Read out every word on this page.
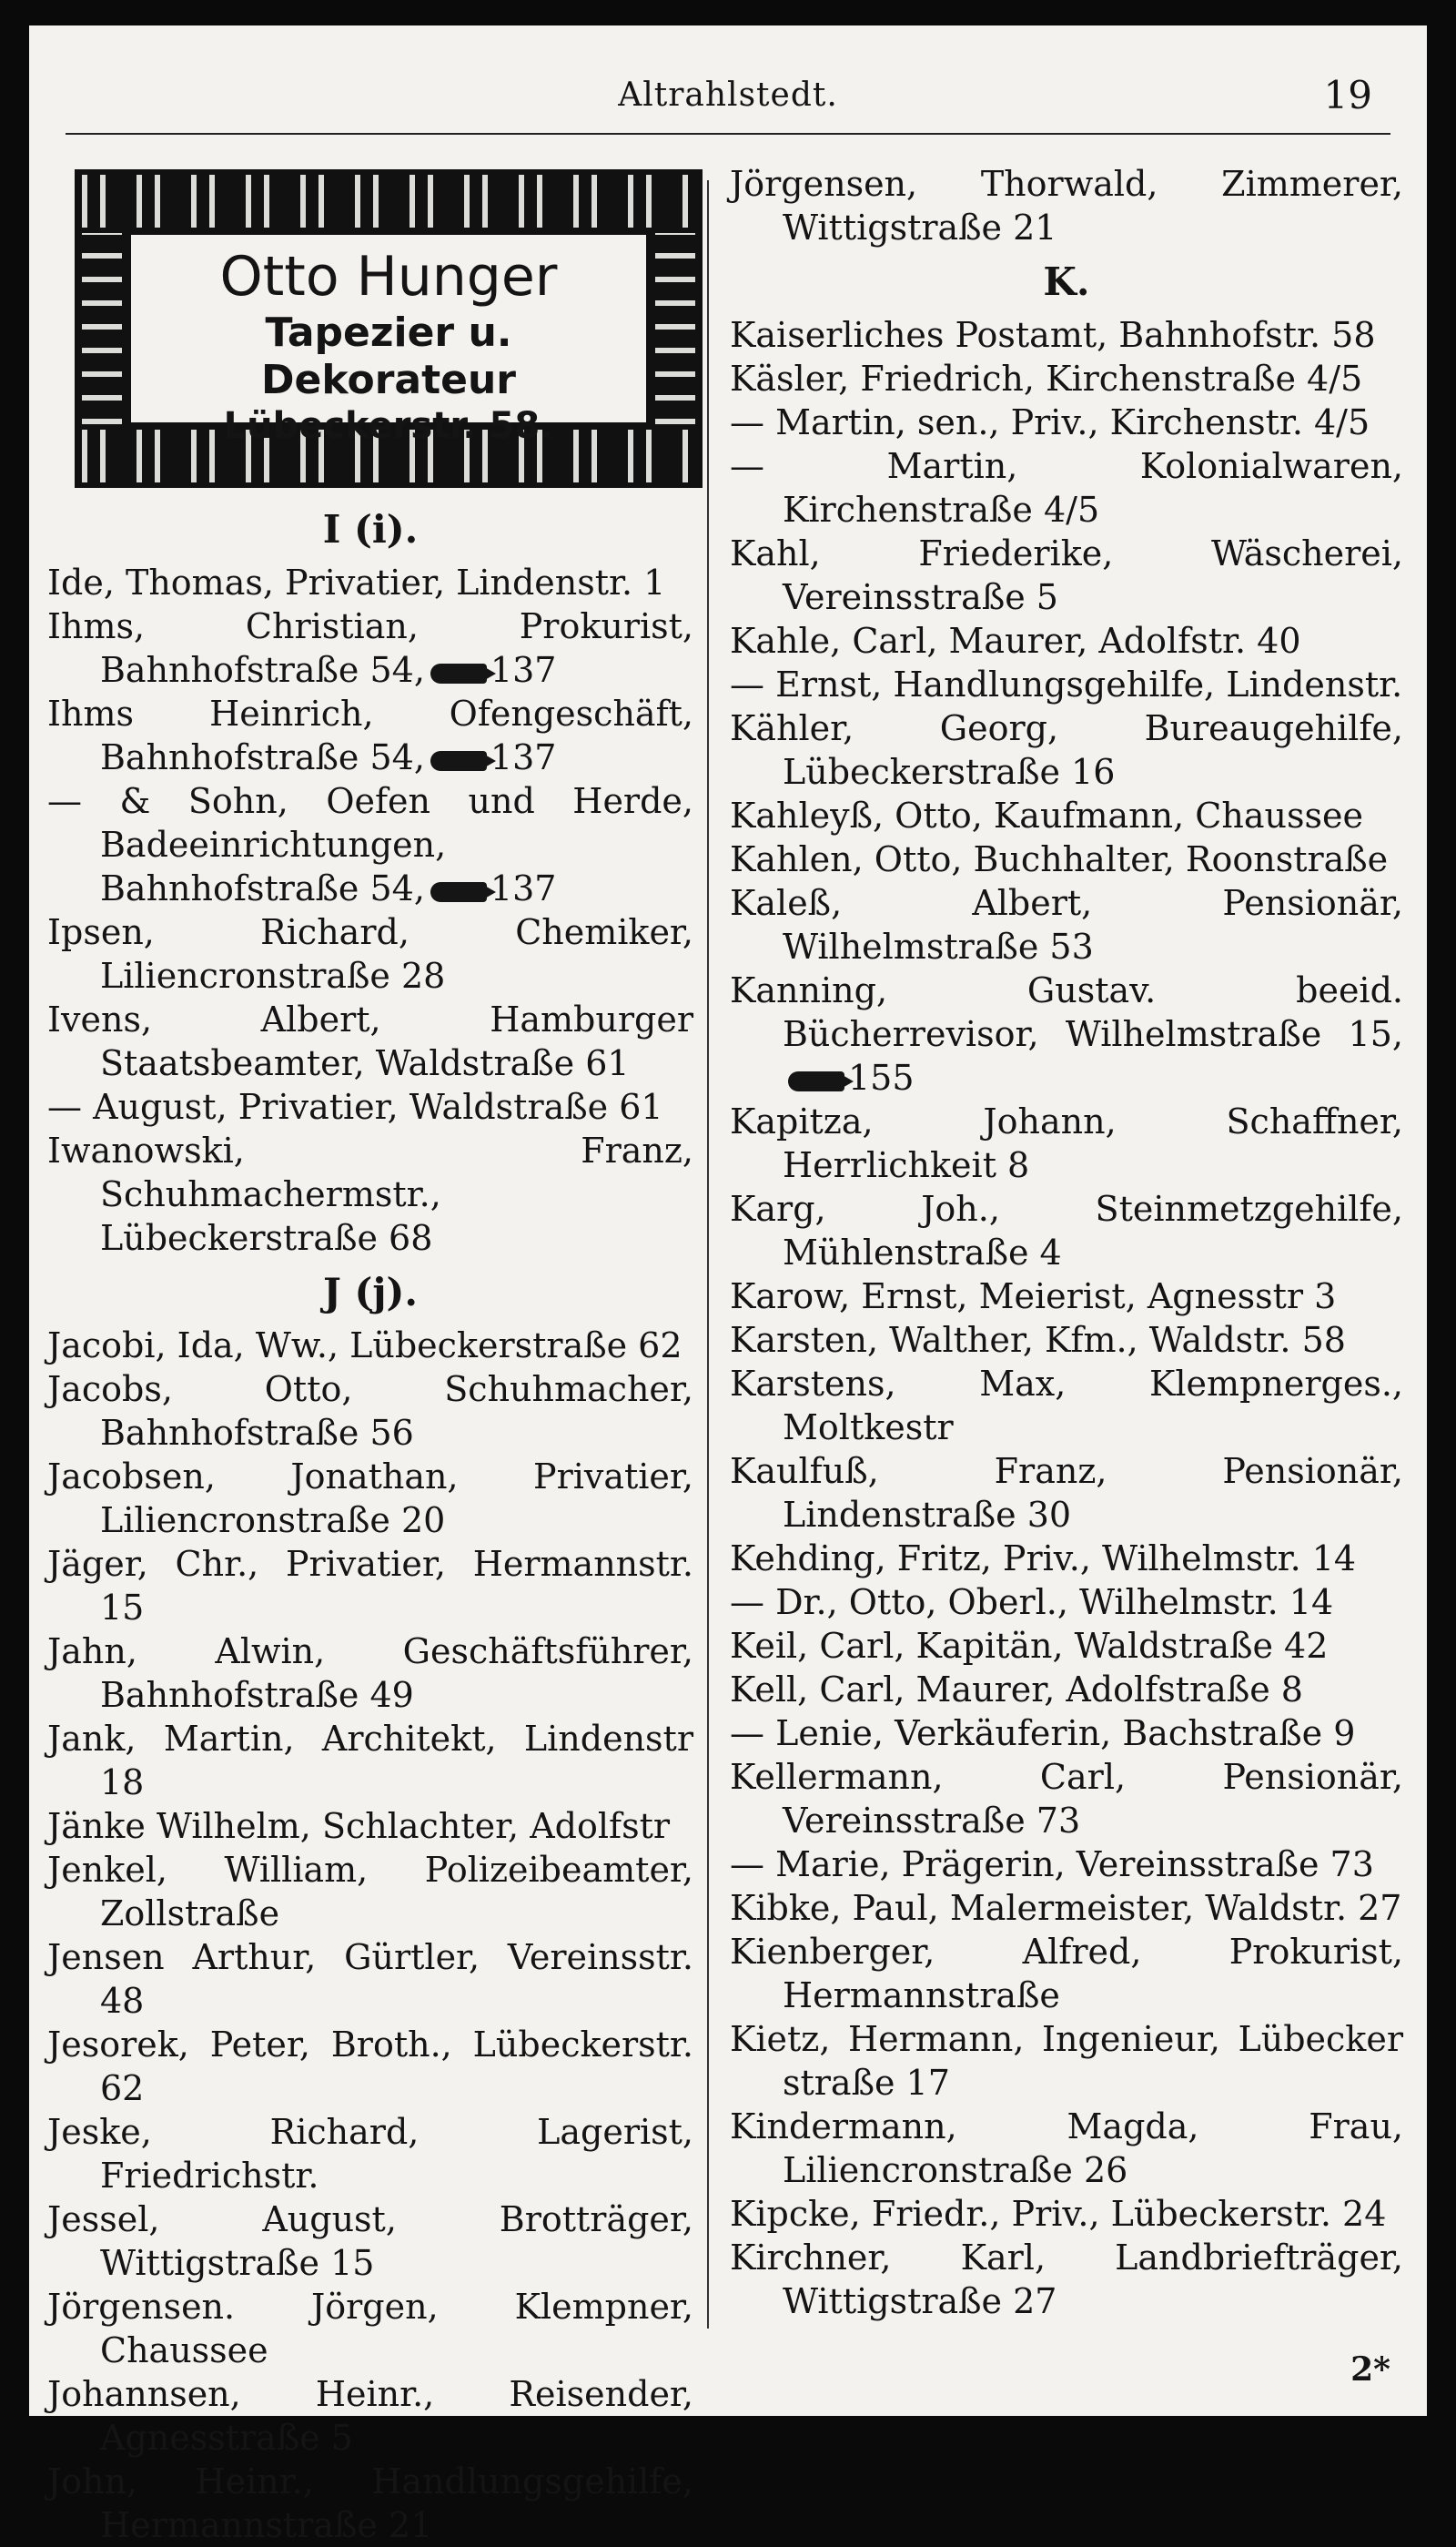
Altrahlstedt.	19
Otto Hunger
Tapezier u. Dekorateur
Lübeckerstr. 58.
I (i).
Ide, Thomas, Privatier, Lindenstr. 1
Ihms, Christian, Prokurist, Bahnhofstraße 54, 137
Ihms Heinrich, Ofengeschäft, Bahnhofstraße 54, 137
— & Sohn, Oefen und Herde, Badeeinrichtungen, Bahnhofstraße 54, 137
Ipsen, Richard, Chemiker, Liliencronstraße 28
Ivens, Albert, Hamburger Staatsbeamter, Waldstraße 61
— August, Privatier, Waldstraße 61
Iwanowski, Franz, Schuhmachermstr., Lübeckerstraße 68
J (j).
Jacobi, Ida, Ww., Lübeckerstraße 62
Jacobs, Otto, Schuhmacher, Bahnhofstraße 56
Jacobsen, Jonathan, Privatier, Liliencronstraße 20
Jäger, Chr., Privatier, Hermannstr. 15
Jahn, Alwin, Geschäftsführer, Bahnhofstraße 49
Jank, Martin, Architekt, Lindenstr 18
Jänke Wilhelm, Schlachter, Adolfstr
Jenkel, William, Polizeibeamter, Zollstraße
Jensen Arthur, Gürtler, Vereinsstr. 48
Jesorek, Peter, Broth., Lübeckerstr. 62
Jeske, Richard, Lagerist, Friedrichstr.
Jessel, August, Brotträger, Wittigstraße 15
Jörgensen. Jörgen, Klempner, Chaussee
Johannsen, Heinr., Reisender, Agnesstraße 5
John, Heinr., Handlungsgehilfe, Hermannstraße 21
Jörgensen, Thorwald, Zimmerer, Wittigstraße 21
K.
Kaiserliches Postamt, Bahnhofstr. 58
Käsler, Friedrich, Kirchenstraße 4/5
— Martin, sen., Priv., Kirchenstr. 4/5
— Martin, Kolonialwaren, Kirchenstraße 4/5
Kahl, Friederike, Wäscherei, Vereinsstraße 5
Kahle, Carl, Maurer, Adolfstr. 40
— Ernst, Handlungsgehilfe, Lindenstr.
Kähler, Georg, Bureaugehilfe, Lübeckerstraße 16
Kahleyß, Otto, Kaufmann, Chaussee
Kahlen, Otto, Buchhalter, Roonstraße
Kaleß, Albert, Pensionär, Wilhelmstraße 53
Kanning, Gustav. beeid. Bücherrevisor, Wilhelmstraße 15,155
Kapitza, Johann, Schaffner, Herrlichkeit 8
Karg, Joh., Steinmetzgehilfe, Mühlenstraße 4
Karow, Ernst, Meierist, Agnesstr 3
Karsten, Walther, Kfm., Waldstr. 58
Karstens, Max, Klempnerges., Moltkestr
Kaulfuß, Franz, Pensionär, Lindenstraße 30
Kehding, Fritz, Priv., Wilhelmstr. 14
— Dr., Otto, Oberl., Wilhelmstr. 14
Keil, Carl, Kapitän, Waldstraße 42
Kell, Carl, Maurer, Adolfstraße 8
— Lenie, Verkäuferin, Bachstraße 9
Kellermann, Carl, Pensionär, Vereinsstraße 73
— Marie, Prägerin, Vereinsstraße 73
Kibke, Paul, Malermeister, Waldstr. 27
Kienberger, Alfred, Prokurist, Hermannstraße
Kietz, Hermann, Ingenieur, Lübecker straße 17
Kindermann, Magda, Frau, Liliencronstraße 26
Kipcke, Friedr., Priv., Lübeckerstr. 24
Kirchner, Karl, Landbriefträger, Wittigstraße 27
2*
